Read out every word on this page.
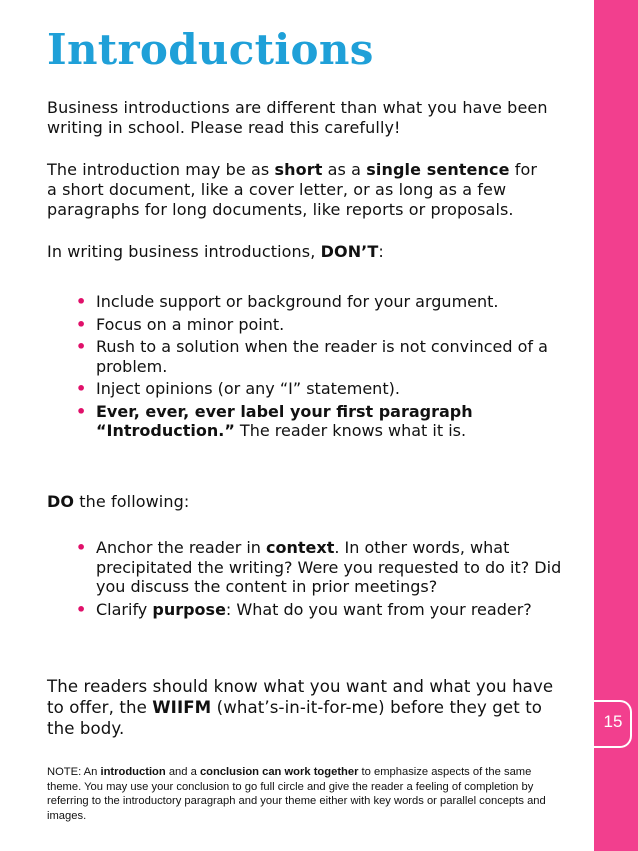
Introductions

Business introductions are different than what you have been writing in school. Please read this carefully!

The introduction may be as short as a single sentence for a short document, like a cover letter, or as long as a few paragraphs for long documents, like reports or proposals.

In writing business introductions, DON’T:

• Include support or background for your argument.
• Focus on a minor point.
• Rush to a solution when the reader is not convinced of a problem.
• Inject opinions (or any “I” statement).
• Ever, ever, ever label your first paragraph “Introduction.” The reader knows what it is.

DO the following:

• Anchor the reader in context. In other words, what precipitated the writing? Were you requested to do it? Did you discuss the content in prior meetings?
• Clarify purpose: What do you want from your reader?

The readers should know what you want and what you have to offer, the WIIFM (what’s-in-it-for-me) before they get to the body.

NOTE: An introduction and a conclusion can work together to emphasize aspects of the same theme. You may use your conclusion to go full circle and give the reader a feeling of completion by referring to the introductory paragraph and your theme either with key words or parallel concepts and images.

15
